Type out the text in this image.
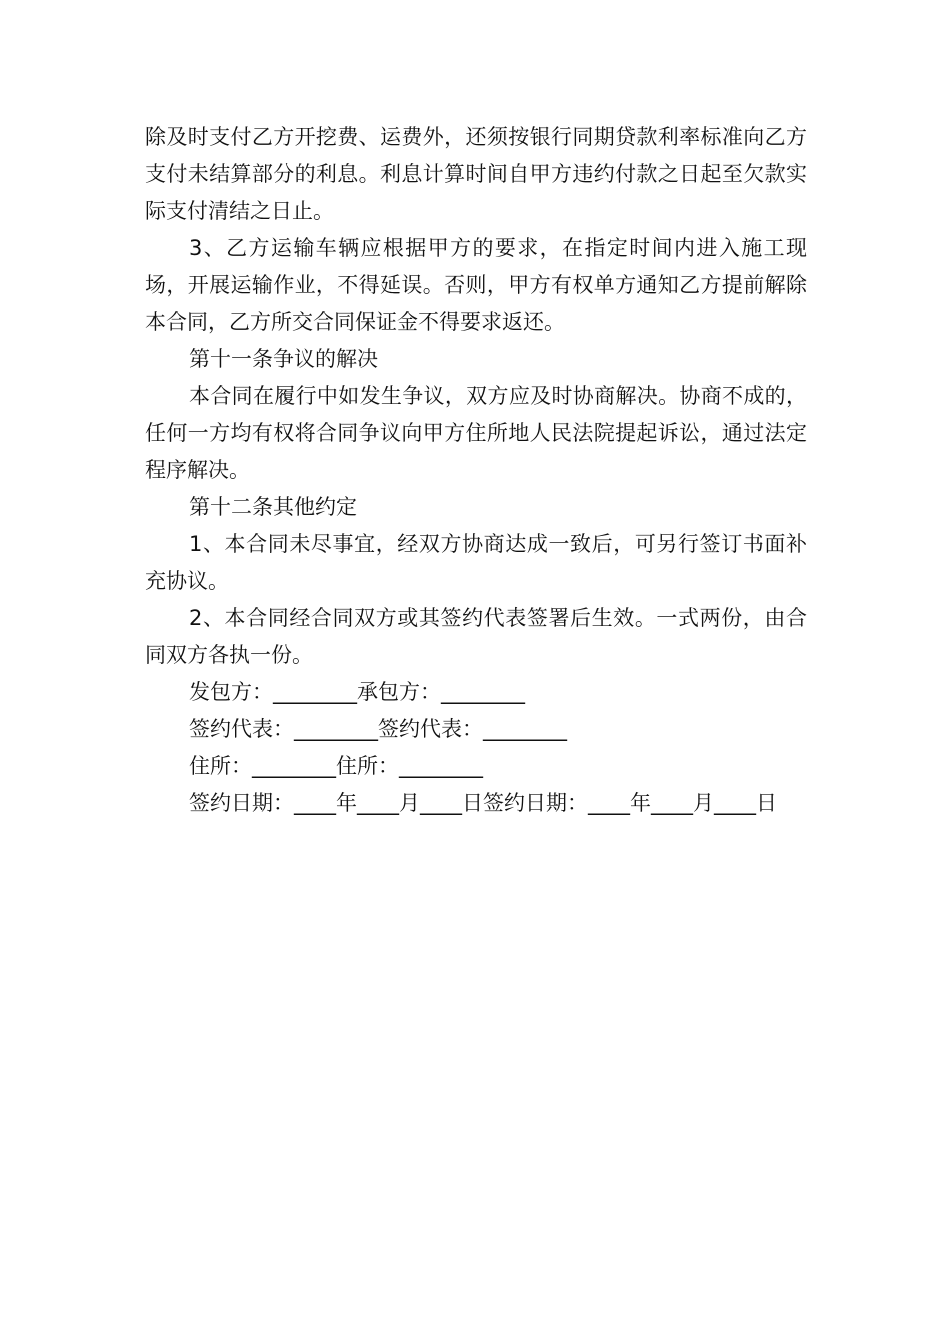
除及时支付乙方开挖费、运费外，还须按银行同期贷款利率标准向乙方支付未结算部分的利息。利息计算时间自甲方违约付款之日起至欠款实际支付清结之日止。

3、乙方运输车辆应根据甲方的要求，在指定时间内进入施工现场，开展运输作业，不得延误。否则，甲方有权单方通知乙方提前解除本合同，乙方所交合同保证金不得要求返还。

第十一条争议的解决

本合同在履行中如发生争议，双方应及时协商解决。协商不成的，任何一方均有权将合同争议向甲方住所地人民法院提起诉讼，通过法定程序解决。

第十二条其他约定

1、本合同未尽事宜，经双方协商达成一致后，可另行签订书面补充协议。

2、本合同经合同双方或其签约代表签署后生效。一式两份，由合同双方各执一份。

发包方：________承包方：________

签约代表：________签约代表：________

住所：________住所：________

签约日期：____年____月____日签约日期：____年____月____日
